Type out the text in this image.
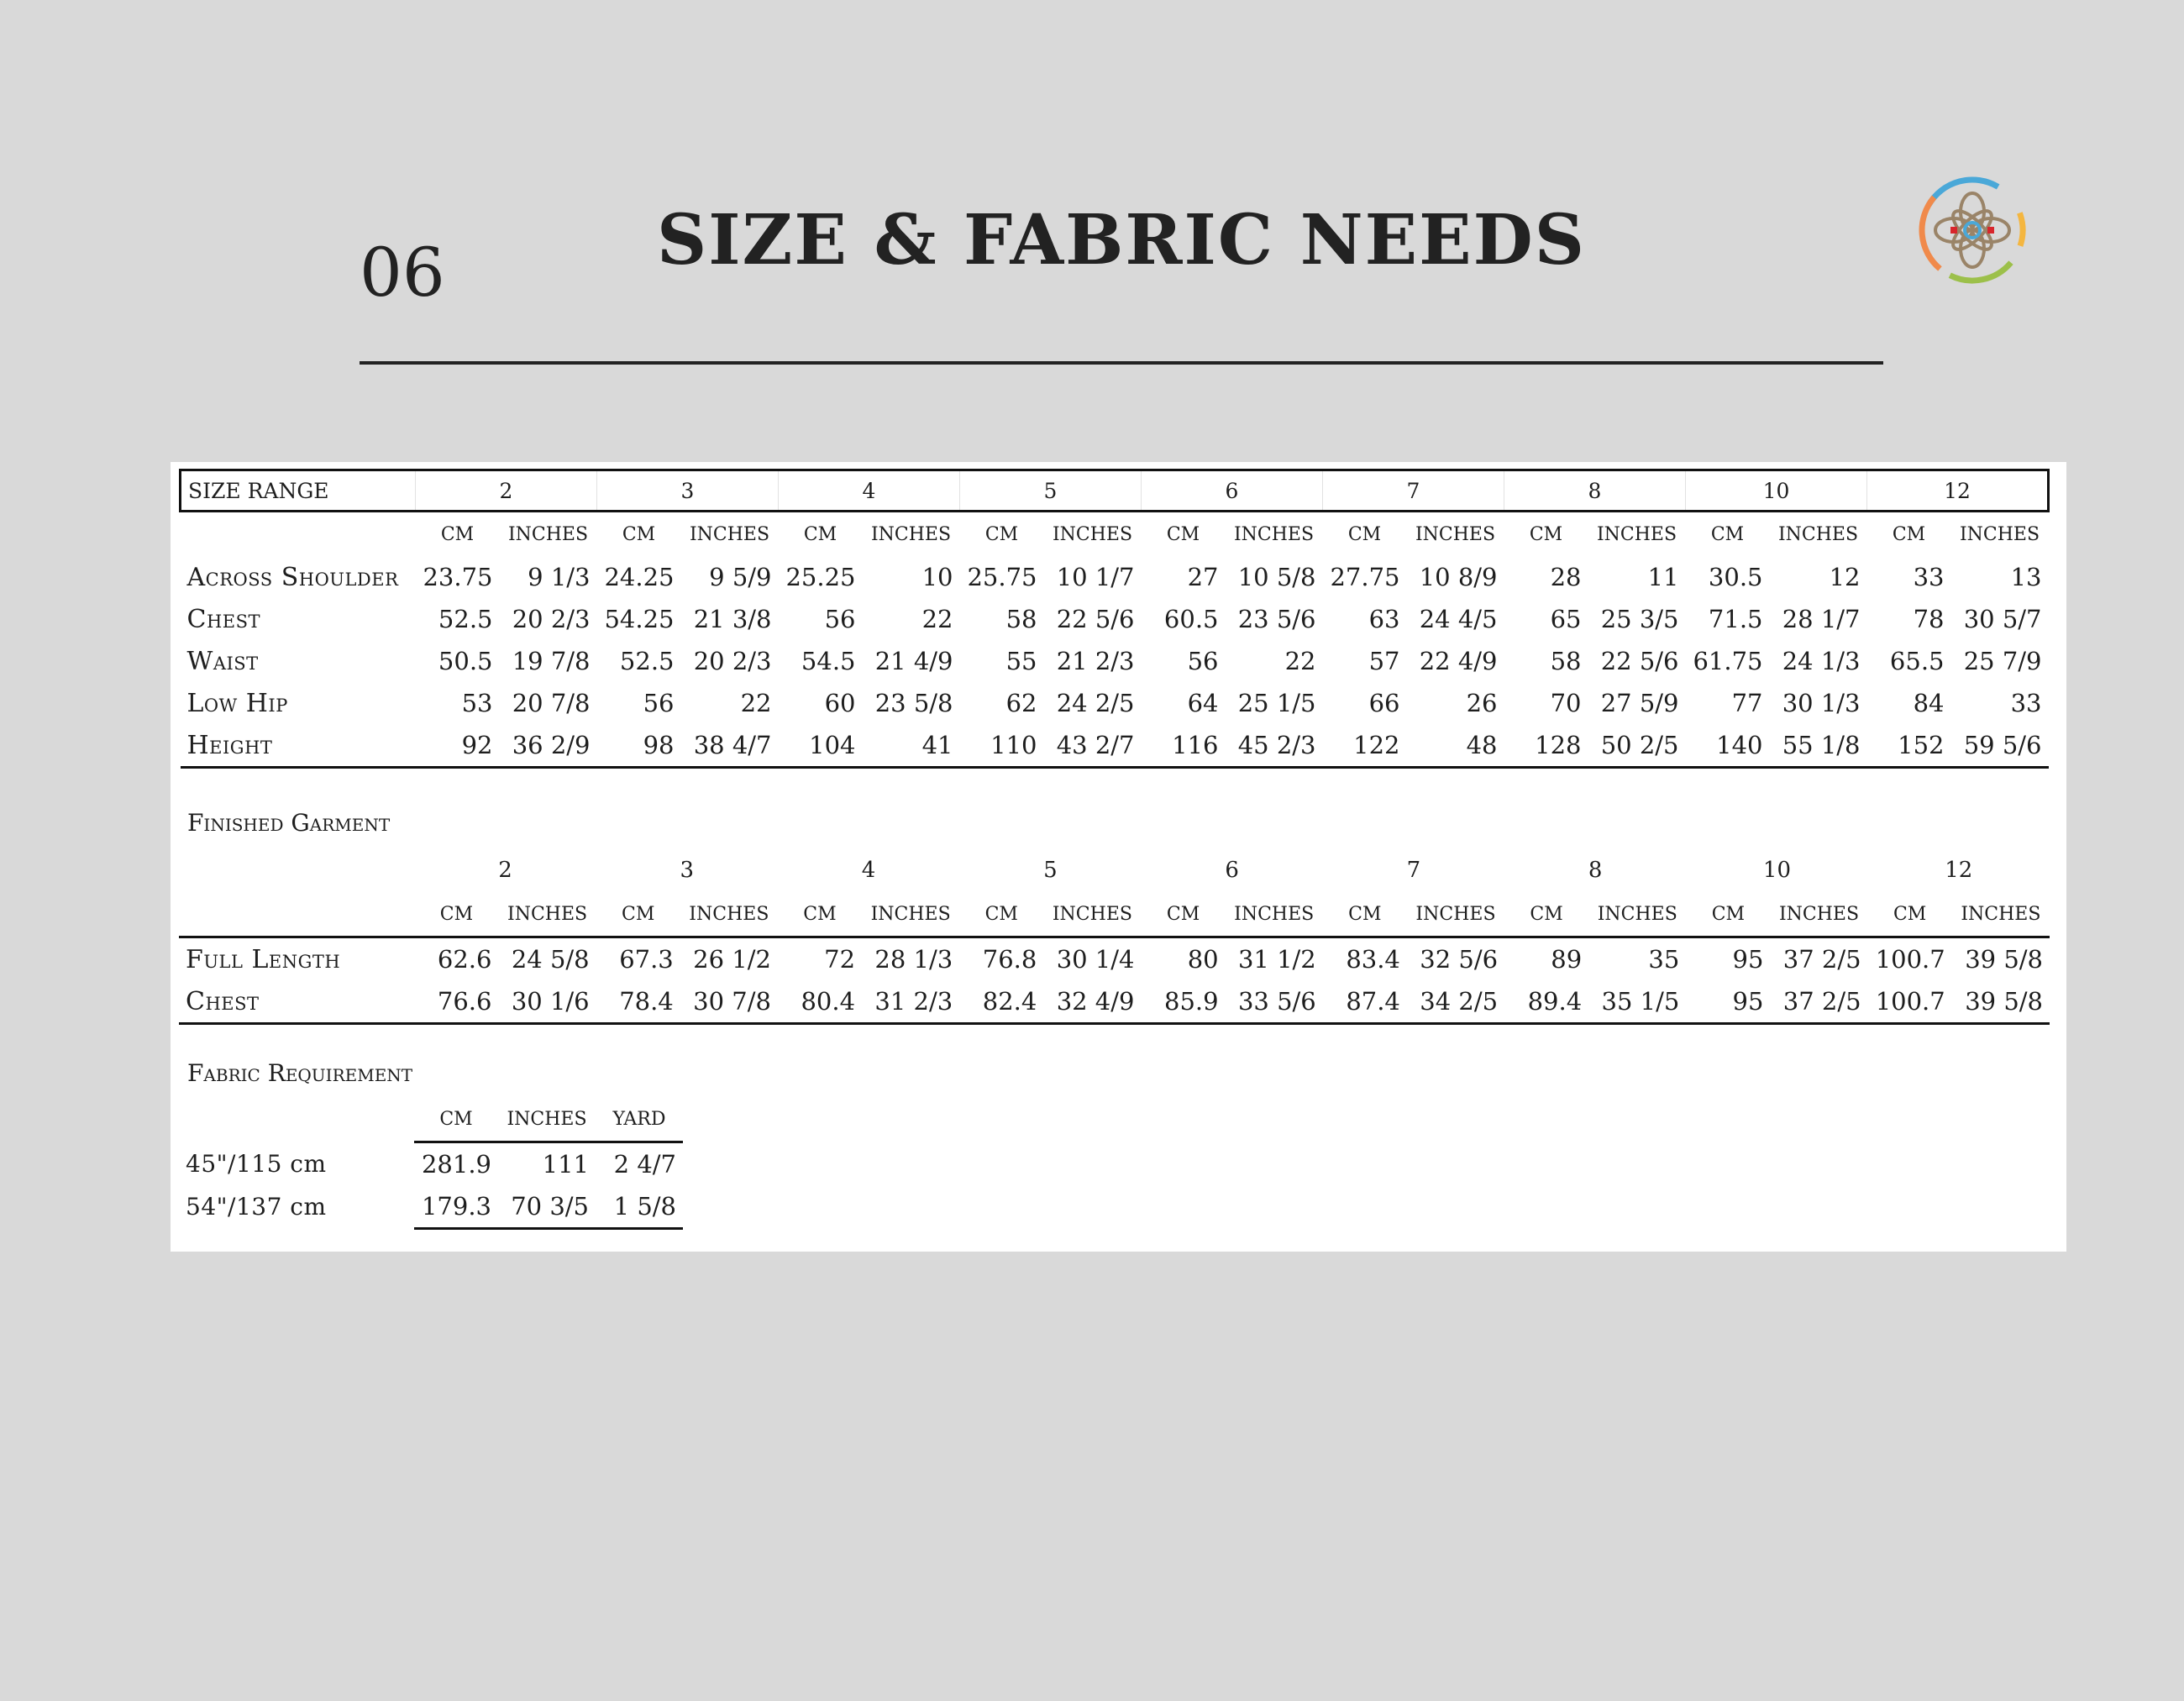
06	SIZE & FABRIC NEEDS
SIZE RANGE	2		3		4		5		6		7		8		10		12	
	CM	INCHES	CM	INCHES	CM	INCHES	CM	INCHES	CM	INCHES	CM	INCHES	CM	INCHES	CM	INCHES	CM	INCHES
Across Shoulder	23.75	9 1/3	24.25	9 5/9	25.25	10	25.75	10 1/7	27	10 5/8	27.75	10 8/9	28	11	30.5	12	33	13
Chest	52.5	20 2/3	54.25	21 3/8	56	22	58	22 5/6	60.5	23 5/6	63	24 4/5	65	25 3/5	71.5	28 1/7	78	30 5/7
Waist	50.5	19 7/8	52.5	20 2/3	54.5	21 4/9	55	21 2/3	56	22	57	22 4/9	58	22 5/6	61.75	24 1/3	65.5	25 7/9
Low Hip	53	20 7/8	56	22	60	23 5/8	62	24 2/5	64	25 1/5	66	26	70	27 5/9	77	30 1/3	84	33
Height	92	36 2/9	98	38 4/7	104	41	110	43 2/7	116	45 2/3	122	48	128	50 2/5	140	55 1/8	152	59 5/6
Finished Garment
	2		3		4		5		6		7		8		10		12	
	CM	INCHES	CM	INCHES	CM	INCHES	CM	INCHES	CM	INCHES	CM	INCHES	CM	INCHES	CM	INCHES	CM	INCHES
Full Length	62.6	24 5/8	67.3	26 1/2	72	28 1/3	76.8	30 1/4	80	31 1/2	83.4	32 5/6	89	35	95	37 2/5	100.7	39 5/8
Chest	76.6	30 1/6	78.4	30 7/8	80.4	31 2/3	82.4	32 4/9	85.9	33 5/6	87.4	34 2/5	89.4	35 1/5	95	37 2/5	100.7	39 5/8
Fabric Requirement
	CM	INCHES	YARD
45"/115 cm	281.9	111	2 4/7
54"/137 cm	179.3	70 3/5	1 5/8
